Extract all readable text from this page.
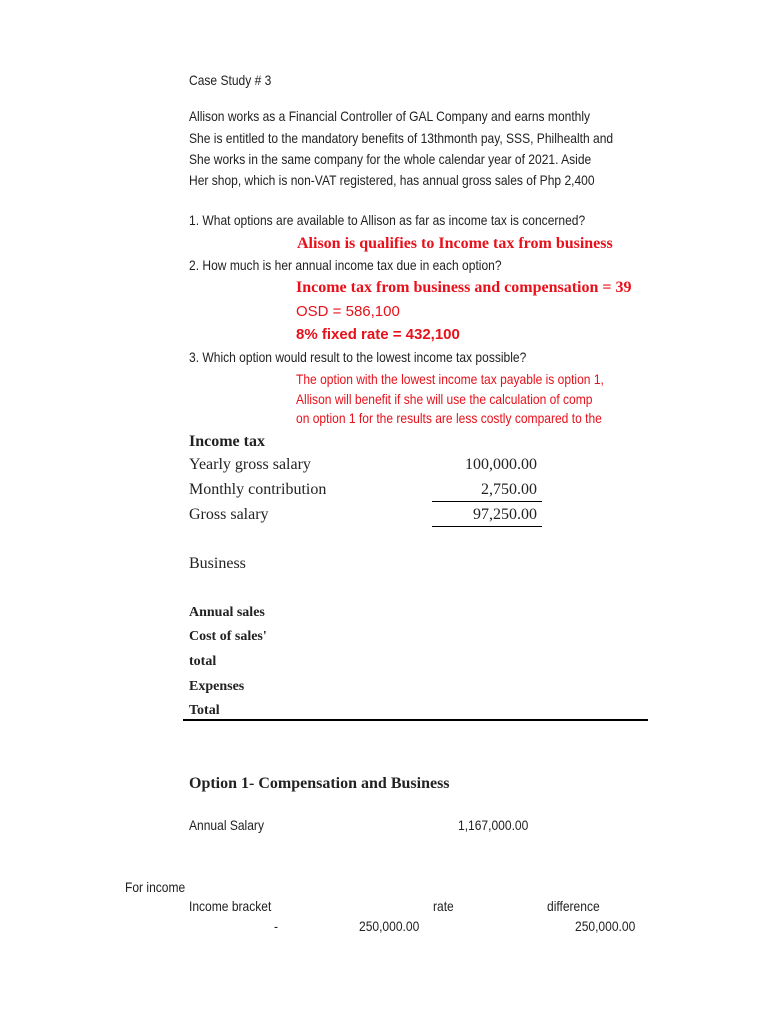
Case Study # 3
Allison works as a Financial Controller of GAL Company and earns monthly
She is entitled to the mandatory benefits of 13thmonth pay, SSS, Philhealth and
She works in the same company for the whole calendar year of 2021. Aside
Her shop, which is non-VAT registered, has annual gross sales of Php 2,400
1. What options are available to Allison as far as income tax is concerned?
Alison is qualifies to Income tax from business
2. How much is her annual income tax due in each option?
Income tax from business and compensation = 39
OSD = 586,100
8% fixed rate = 432,100
3. Which option would result to the lowest income tax possible?
The option with the lowest income tax payable is option 1,
Allison will benefit if she will use the calculation of comp
on option 1 for the results are less costly compared to the
Income tax
Yearly gross salary	100,000.00
Monthly contribution	2,750.00
Gross salary	97,250.00
Business
Annual sales
Cost of sales'
total
Expenses
Total
Option 1- Compensation and Business
Annual Salary	1,167,000.00
For income
Income bracket	rate	difference
-	250,000.00	250,000.00
